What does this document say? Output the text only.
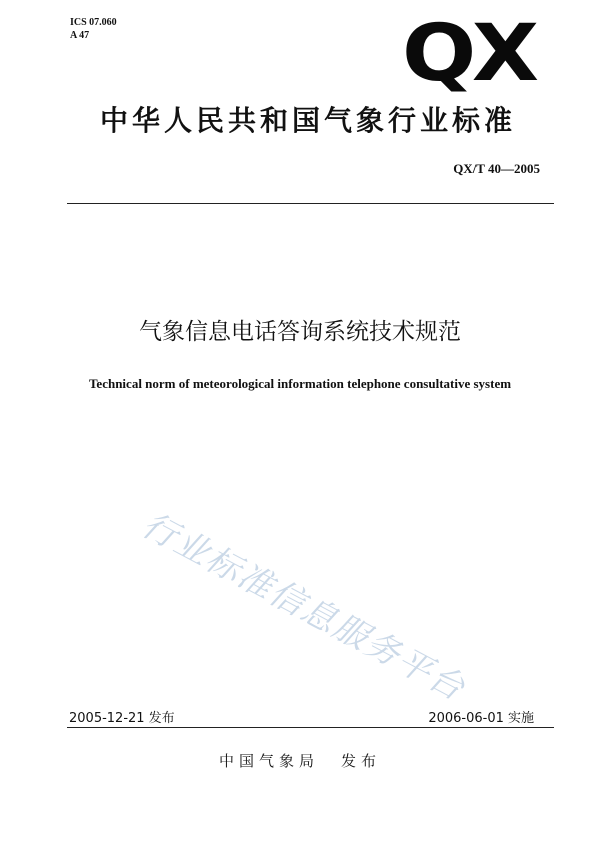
ICS 07.060
A 47	QX
中华人民共和国气象行业标准
QX/T 40—2005
气象信息电话答询系统技术规范
Technical norm of meteorological information telephone consultative system
行业标准信息服务平台
2005-12-21 发布	2006-06-01 实施
中国气象局 发布
